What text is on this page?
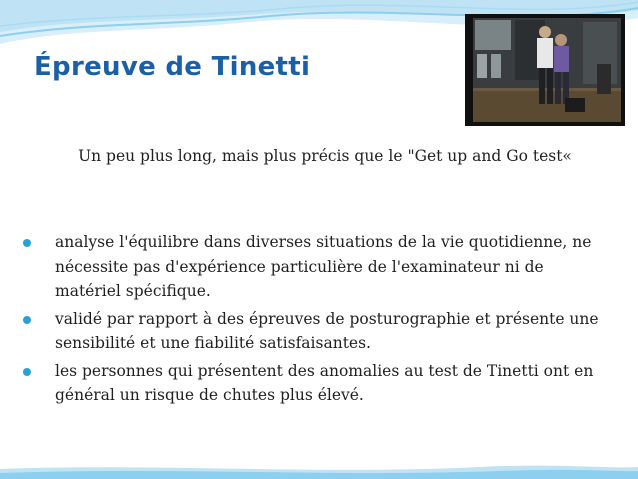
Épreuve de Tinetti

Un peu plus long, mais plus précis que le "Get up and Go test«

analyse l'équilibre dans diverses situations de la vie quotidienne, ne nécessite pas d'expérience particulière de l'examinateur ni de matériel spécifique.
validé par rapport à des épreuves de posturographie et présente une sensibilité et une fiabilité satisfaisantes.
les personnes qui présentent des anomalies au test de Tinetti ont en général un risque de chutes plus élevé.
